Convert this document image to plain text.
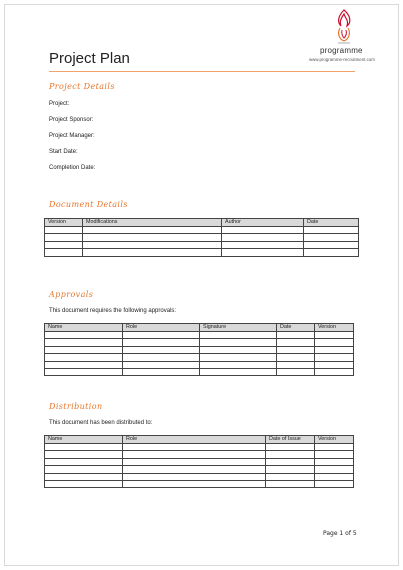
programme
www.programme-recruitment.com
· · · · · ·
Project Plan
Project Details
Project:
Project Sponsor:
Project Manager:
Start Date:
Completion Date:
Document Details
Version	Modifications	Author	Date

Approvals
This document requires the following approvals:
Name	Role	Signature	Date	Version

Distribution
This document has been distributed to:
Name	Role	Date of Issue	Version

Page 1 of 5
